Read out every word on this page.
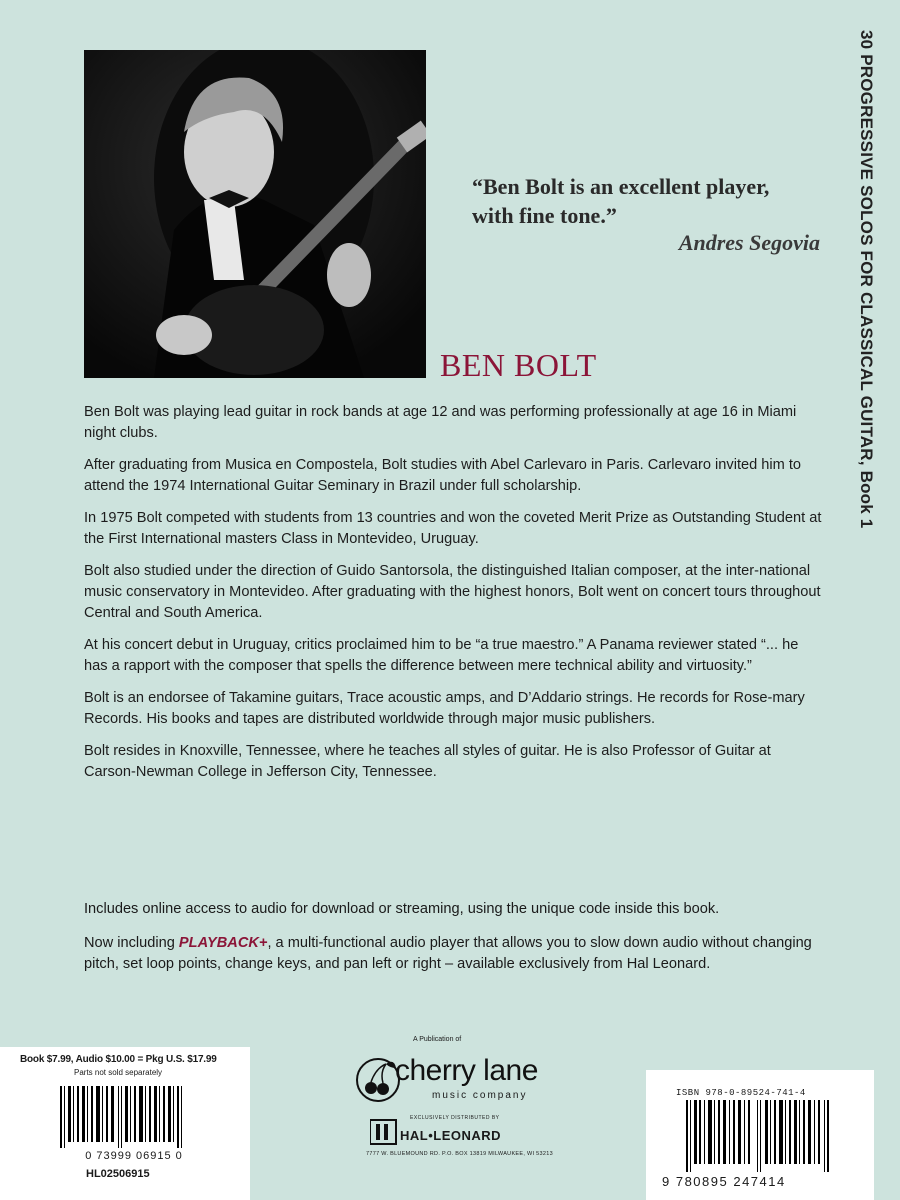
30 PROGRESSIVE SOLOS FOR CLASSICAL GUITAR, Book 1
“Ben Bolt is an excellent player,
with fine tone.”
Andres Segovia
BEN BOLT

Ben Bolt was playing lead guitar in rock bands at age 12 and was performing professionally at age 16 in Miami night clubs.

After graduating from Musica en Compostela, Bolt studies with Abel Carlevaro in Paris. Carlevaro invited him to attend the 1974 International Guitar Seminary in Brazil under full scholarship.

In 1975 Bolt competed with students from 13 countries and won the coveted Merit Prize as Outstanding Student at the First International masters Class in Montevideo, Uruguay.

Bolt also studied under the direction of Guido Santorsola, the distinguished Italian composer, at the inter-national music conservatory in Montevideo. After graduating with the highest honors, Bolt went on concert tours throughout Central and South America.

At his concert debut in Uruguay, critics proclaimed him to be “a true maestro.” A Panama reviewer stated “... he has a rapport with the composer that spells the difference between mere technical ability and virtuosity.”

Bolt is an endorsee of Takamine guitars, Trace acoustic amps, and D’Addario strings. He records for Rose-mary Records. His books and tapes are distributed worldwide through major music publishers.

Bolt resides in Knoxville, Tennessee, where he teaches all styles of guitar. He is also Professor of Guitar at Carson-Newman College in Jefferson City, Tennessee.

Includes online access to audio for download or streaming, using the unique code inside this book.

Now including PLAYBACK+, a multi-functional audio player that allows you to slow down audio without changing pitch, set loop points, change keys, and pan left or right – available exclusively from Hal Leonard.

Book $7.99, Audio $10.00 = Pkg U.S. $17.99
Parts not sold separately
0 73999 06915 0
HL02506915
A Publication of
cherry lane
music company
EXCLUSIVELY DISTRIBUTED BY
HAL•LEONARD
7777 W. BLUEMOUND RD. P.O. BOX 13819 MILWAUKEE, WI 53213
ISBN 978-0-89524-741-4
9 780895 247414
